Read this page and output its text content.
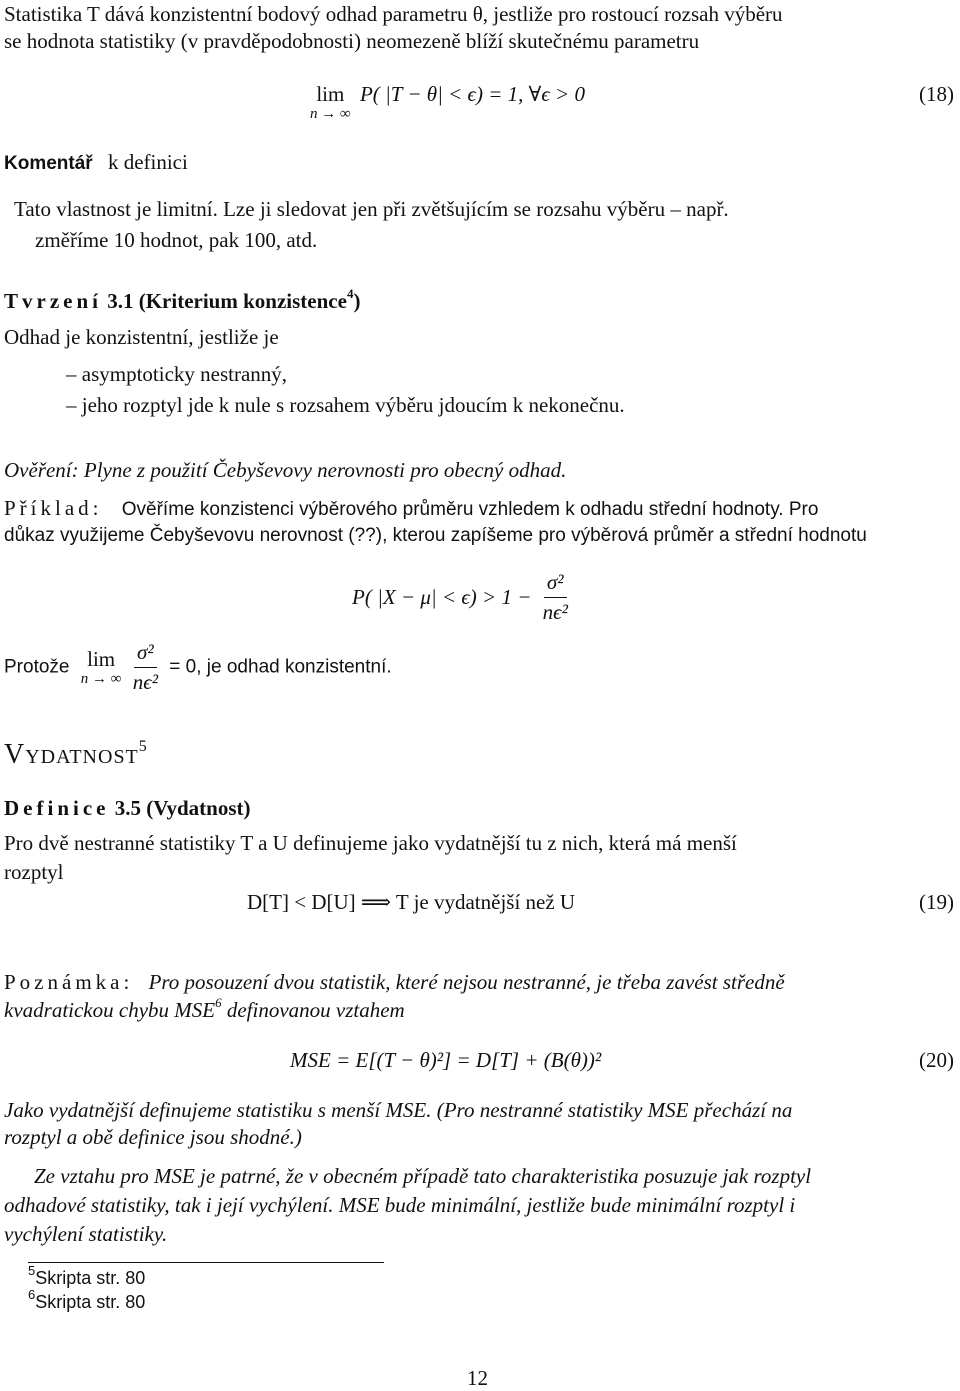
Statistika T dává konzistentní bodový odhad parametru θ, jestliže pro rostoucí rozsah výběru
se hodnota statistiky (v pravděpodobnosti) neomezeně blíží skutečnému parametru
lim
n → ∞
P( |T − θ| < ϵ) = 1, ∀ϵ > 0	(18)
Komentář k definici
Tato vlastnost je limitní. Lze ji sledovat jen při zvětšujícím se rozsahu výběru – např.
změříme 10 hodnot, pak 100, atd.
Tvrzení 3.1 (Kriterium konzistence$^4$)
Odhad je konzistentní, jestliže je
– asymptoticky nestranný,
– jeho rozptyl jde k nule s rozsahem výběru jdoucím k nekonečnu.
Ověření: Plyne z použití Čebyševovy nerovnosti pro obecný odhad.
Příklad: Ověříme konzistenci výběrového průměru vzhledem k odhadu střední hodnoty. Pro
důkaz využijeme Čebyševovu nerovnost (??), kterou zapíšeme pro výběrová průměr a střední hodnotu
P( $|X - \mu| < \epsilon) > 1 - \frac{\text{σ²}}{\text{nϵ²}}$
Protože lim
n → ∞
$\frac{\text{σ²}}{\text{nϵ²}} = 0$, je odhad konzistentní.
Vydatnost$^5$
Definice 3.5 (Vydatnost)
Pro dvě nestranné statistiky T a U definujeme jako vydatnější tu z nich, která má menší
rozptyl
D[T] < D[U] ⟹ T je vydatnější než U	(19)
Poznámka: Pro posouzení dvou statistik, které nejsou nestranné, je třeba zavést středně
kvadratickou chybu MSE$^6$ definovanou vztahem
MSE = E[(T − θ)²] = D[T] + (B(θ))²	(20)
Jako vydatnější definujeme statistiku s menší MSE. (Pro nestranné statistiky MSE přechází na
rozptyl a obě definice jsou shodné.)
Ze vztahu pro MSE je patrné, že v obecném případě tato charakteristika posuzuje jak rozptyl
odhadové statistiky, tak i její vychýlení. MSE bude minimální, jestliže bude minimální rozptyl i
vychýlení statistiky.
$^5$Skripta str. 80
$^6$Skripta str. 80
12
